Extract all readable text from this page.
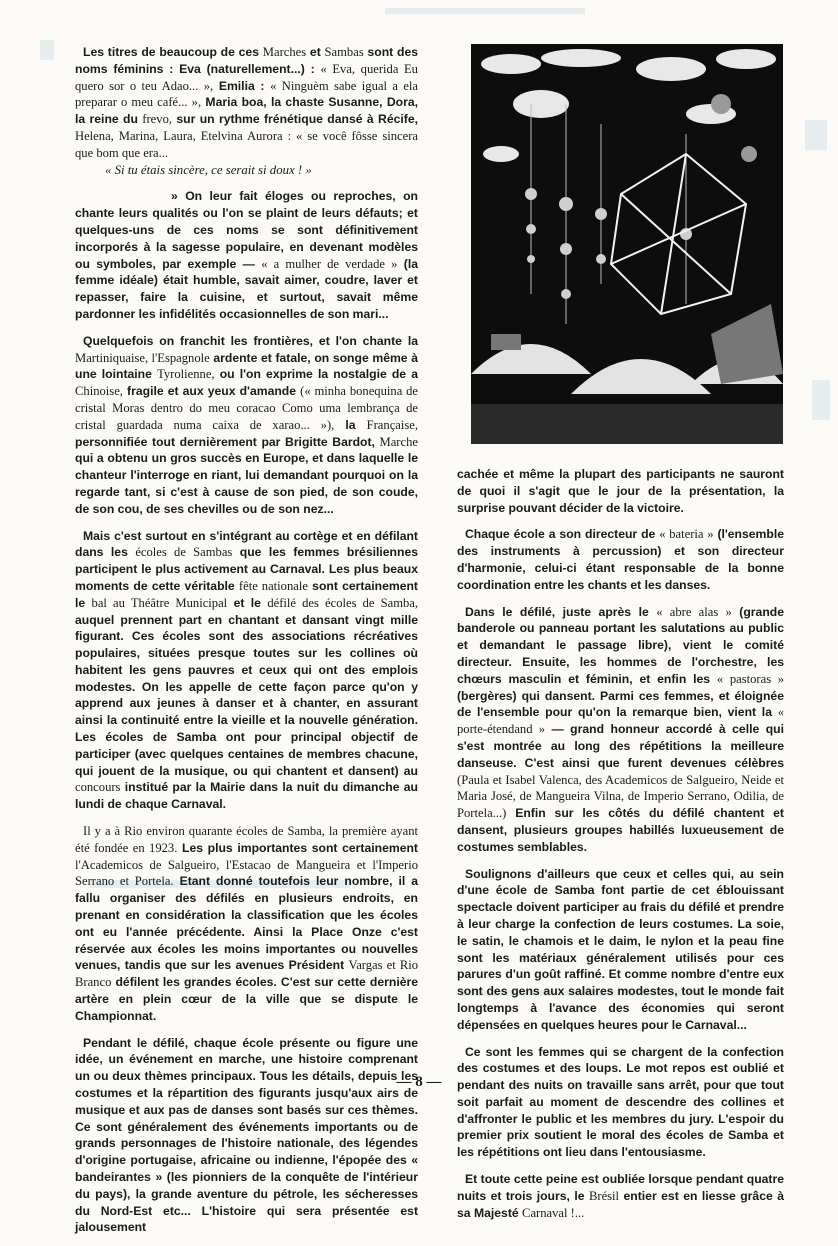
Les titres de beaucoup de ces Marches et Sambas sont des noms féminins : Eva (naturellement...) : « Eva, querida Eu quero sor o teu Adao... », Emilia : « Ninguèm sabe igual a ela preparar o meu café... », Maria boa, la chaste Susanne, Dora, la reine du frevo, sur un rythme frénétique dansé à Récife, Helena, Marina, Laura, Etelvina Aurora : « se você fôsse sincera que bom que era...
« Si tu étais sincère, ce serait si doux ! »

» On leur fait éloges ou reproches, on chante leurs qualités ou l'on se plaint de leurs défauts; et quelques-uns de ces noms se sont définitivement incorporés à la sagesse populaire, en devenant modèles ou symboles, par exemple — « a mulher de verdade » (la femme idéale) était humble, savait aimer, coudre, laver et repasser, faire la cuisine, et surtout, savait même pardonner les infidélités occasionnelles de son mari...

Quelquefois on franchit les frontières, et l'on chante la Martiniquaise, l'Espagnole ardente et fatale, on songe même à une lointaine Tyrolienne, ou l'on exprime la nostalgie de a Chinoise, fragile et aux yeux d'amande (« minha bonequina de cristal Moras dentro do meu coracao Como uma lembrança de cristal guardada numa caixa de xarao... »), la Française, personnifiée tout dernièrement par Brigitte Bardot, Marche qui a obtenu un gros succès en Europe, et dans laquelle le chanteur l'interroge en riant, lui demandant pourquoi on la regarde tant, si c'est à cause de son pied, de son coude, de son cou, de ses chevilles ou de son nez...

Mais c'est surtout en s'intégrant au cortège et en défilant dans les écoles de Sambas que les femmes brésiliennes participent le plus activement au Carnaval. Les plus beaux moments de cette véritable fête nationale sont certainement le bal au Théâtre Municipal et le défilé des écoles de Samba, auquel prennent part en chantant et dansant vingt mille figurant. Ces écoles sont des associations récréatives populaires, situées presque toutes sur les collines où habitent les gens pauvres et ceux qui ont des emplois modestes. On les appelle de cette façon parce qu'on y apprend aux jeunes à danser et à chanter, en assurant ainsi la continuité entre la vieille et la nouvelle génération. Les écoles de Samba ont pour principal objectif de participer (avec quelques centaines de membres chacune, qui jouent de la musique, ou qui chantent et dansent) au concours institué par la Mairie dans la nuit du dimanche au lundi de chaque Carnaval.

Il y a à Rio environ quarante écoles de Samba, la première ayant été fondée en 1923. Les plus importantes sont certainement l'Academicos de Salgueiro, l'Estacao de Mangueira et l'Imperio Serrano et Portela. Etant donné toutefois leur nombre, il a fallu organiser des défilés en plusieurs endroits, en prenant en considération la classification que les écoles ont eu l'année précédente. Ainsi la Place Onze c'est réservée aux écoles les moins importantes ou nouvelles venues, tandis que sur les avenues Président Vargas et Rio Branco défilent les grandes écoles. C'est sur cette dernière artère en plein cœur de la ville que se dispute le Championnat.

Pendant le défilé, chaque école présente ou figure une idée, un événement en marche, une histoire comprenant un ou deux thèmes principaux. Tous les détails, depuis les costumes et la répartition des figurants jusqu'aux airs de musique et aux pas de danses sont basés sur ces thèmes. Ce sont généralement des événements importants ou de grands personnages de l'histoire nationale, des légendes d'origine portugaise, africaine ou indienne, l'épopée des « bandeirantes » (les pionniers de la conquête de l'intérieur du pays), la grande aventure du pétrole, les sécheresses du Nord-Est etc... L'histoire qui sera présentée est jalousement

cachée et même la plupart des participants ne sauront de quoi il s'agit que le jour de la présentation, la surprise pouvant décider de la victoire.

Chaque école a son directeur de « bateria » (l'ensemble des instruments à percussion) et son directeur d'harmonie, celui-ci étant responsable de la bonne coordination entre les chants et les danses.

Dans le défilé, juste après le « abre alas » (grande banderole ou panneau portant les salutations au public et demandant le passage libre), vient le comité directeur. Ensuite, les hommes de l'orchestre, les chœurs masculin et féminin, et enfin les « pastoras » (bergères) qui dansent. Parmi ces femmes, et éloignée de l'ensemble pour qu'on la remarque bien, vient la « porte-étendand » — grand honneur accordé à celle qui s'est montrée au long des répétitions la meilleure danseuse. C'est ainsi que furent devenues célèbres (Paula et Isabel Valenca, des Academicos de Salgueiro, Neide et Maria José, de Mangueira Vilna, de Imperio Serrano, Odilia, de Portela...) Enfin sur les côtés du défilé chantent et dansent, plusieurs groupes habillés luxueusement de costumes semblables.

Soulignons d'ailleurs que ceux et celles qui, au sein d'une école de Samba font partie de cet éblouissant spectacle doivent participer au frais du défilé et prendre à leur charge la confection de leurs costumes. La soie, le satin, le chamois et le daim, le nylon et la peau fine sont les matériaux généralement utilisés pour ces parures d'un goût raffiné. Et comme nombre d'entre eux sont des gens aux salaires modestes, tout le monde fait longtemps à l'avance des économies qui seront dépensées en quelques heures pour le Carnaval...

Ce sont les femmes qui se chargent de la confection des costumes et des loups. Le mot repos est oublié et pendant des nuits on travaille sans arrêt, pour que tout soit parfait au moment de descendre des collines et d'affronter le public et les membres du jury. L'espoir du premier prix soutient le moral des écoles de Samba et les répétitions ont lieu dans l'entousiasme.

Et toute cette peine est oubliée lorsque pendant quatre nuits et trois jours, le Brésil entier est en liesse grâce à sa Majesté Carnaval !...

— 8 —
